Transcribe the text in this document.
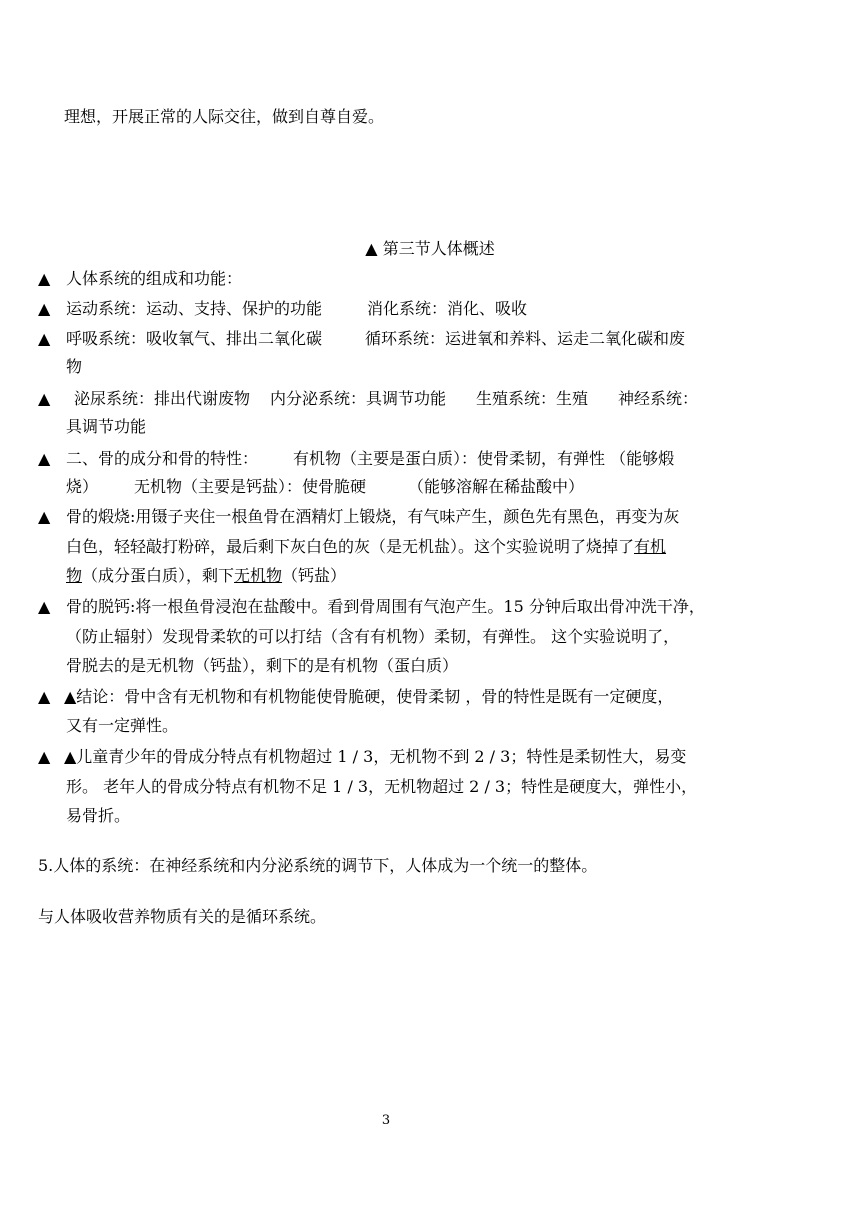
理想，开展正常的人际交往，做到自尊自爱。
▲ 第三节人体概述
▲ 人体系统的组成和功能：
▲ 运动系统：运动、支持、保护的功能	消化系统：消化、吸收
▲ 呼吸系统：吸收氧气、排出二氧化碳	循环系统：运进氧和养料、运走二氧化碳和废
物
▲	泌尿系统：排出代谢废物 内分泌系统：具调节功能 生殖系统：生殖 神经系统：
具调节功能
▲ 二、骨的成分和骨的特性： 有机物（主要是蛋白质）：使骨柔韧，有弹性 （能够煅
烧） 无机物（主要是钙盐）：使骨脆硬	（能够溶解在稀盐酸中）
▲ 骨的煅烧:用镊子夹住一根鱼骨在酒精灯上锻烧，有气味产生，颜色先有黑色，再变为灰
白色，轻轻敲打粉碎，最后剩下灰白色的灰（是无机盐）。这个实验说明了烧掉了有机
物（成分蛋白质），剩下无机物（钙盐）
▲ 骨的脱钙:将一根鱼骨浸泡在盐酸中。看到骨周围有气泡产生。15 分钟后取出骨冲洗干净，
（防止辐射）发现骨柔软的可以打结（含有有机物）柔韧，有弹性。 这个实验说明了，
骨脱去的是无机物（钙盐），剩下的是有机物（蛋白质）
▲ ▲结论：骨中含有无机物和有机物能使骨脆硬，使骨柔韧 ，骨的特性是既有一定硬度，
又有一定弹性。
▲ ▲儿童青少年的骨成分特点有机物超过 1 / 3，无机物不到 2 / 3；特性是柔韧性大，易变
形。 老年人的骨成分特点有机物不足 1 / 3，无机物超过 2 / 3；特性是硬度大，弹性小，
易骨折。
5.人体的系统：在神经系统和内分泌系统的调节下，人体成为一个统一的整体。
与人体吸收营养物质有关的是循环系统。
3
